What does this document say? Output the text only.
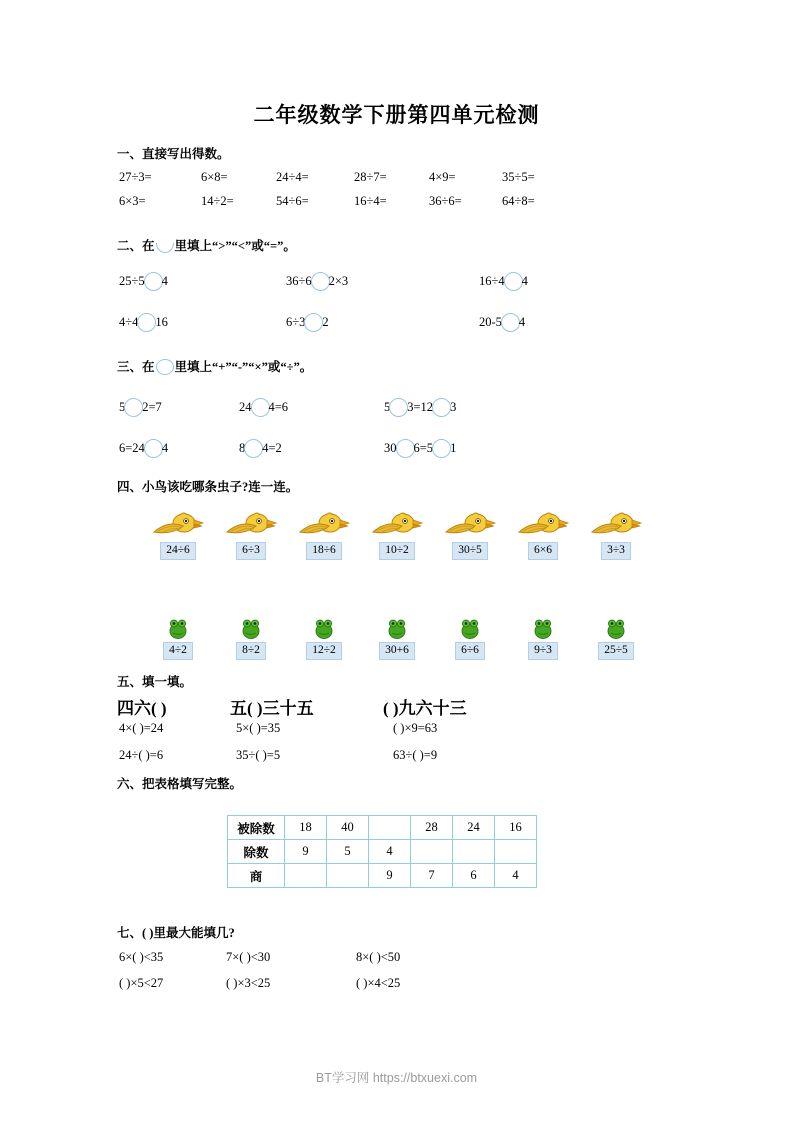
二年级数学下册第四单元检测
一、直接写出得数。
27÷3=	6×8=	24÷4=	28÷7=	4×9=	35÷5=
6×3=	14÷2=	54÷6=	16÷4=	36÷6=	64÷8=
二、在 里填上“>”“<”或“=”。
25÷5 4	36÷6 2×3	16÷4 4
4÷4 16	6÷3 2	20-5 4
三、在 里填上“+”“-”“×”或“÷”。
5 2=7	24 4=6	5 3=12 3
6=24 4	8 4=2	30 6=5 1
四、小鸟该吃哪条虫子?连一连。
24÷6	6÷3	18÷6	10÷2	30÷5	6×6	3÷3
4÷2	8÷2	12÷2	30+6	6÷6	9÷3	25÷5
五、填一填。
四六( )	五( )三十五	( )九六十三
4×( )=24	5×( )=35	( )×9=63
24÷( )=6	35÷( )=5	63÷( )=9
六、把表格填写完整。
被除数	18	40		28	24	16
除数	9	5	4			
商			9	7	6	4
七、( )里最大能填几?
6×( )<35	7×( )<30	8×( )<50
( )×5<27	( )×3<25	( )×4<25
BT学习网 https://btxuexi.com
